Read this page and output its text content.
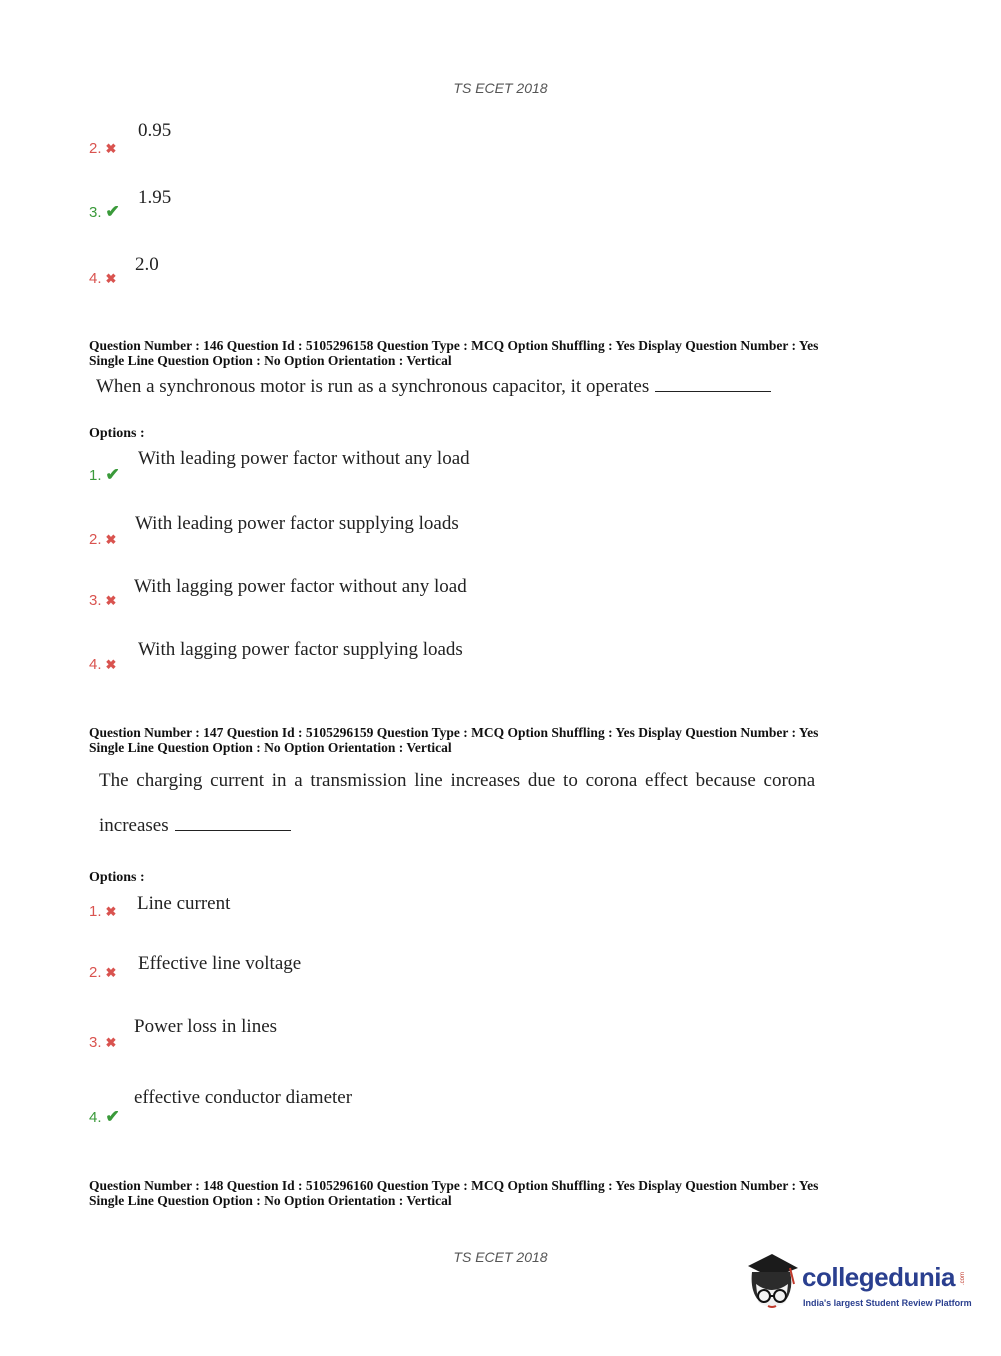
TS ECET 2018
2. ✖
0.95
3. ✔
1.95
4. ✖
2.0
Question Number : 146 Question Id : 5105296158 Question Type : MCQ Option Shuffling : Yes Display Question Number : Yes
Single Line Question Option : No Option Orientation : Vertical
When a synchronous motor is run as a synchronous capacitor, it operates
Options :
1. ✔
With leading power factor without any load
2. ✖
With leading power factor supplying loads
3. ✖
With lagging power factor without any load
4. ✖
With lagging power factor supplying loads
Question Number : 147 Question Id : 5105296159 Question Type : MCQ Option Shuffling : Yes Display Question Number : Yes
Single Line Question Option : No Option Orientation : Vertical
The charging current in a transmission line increases due to corona effect because corona
increases
Options :
1. ✖ Line current
2. ✖ Effective line voltage
3. ✖
Power loss in lines
4. ✔
effective conductor diameter
Question Number : 148 Question Id : 5105296160 Question Type : MCQ Option Shuffling : Yes Display Question Number : Yes
Single Line Question Option : No Option Orientation : Vertical
TS ECET 2018
collegedunia .com
India's largest Student Review Platform
